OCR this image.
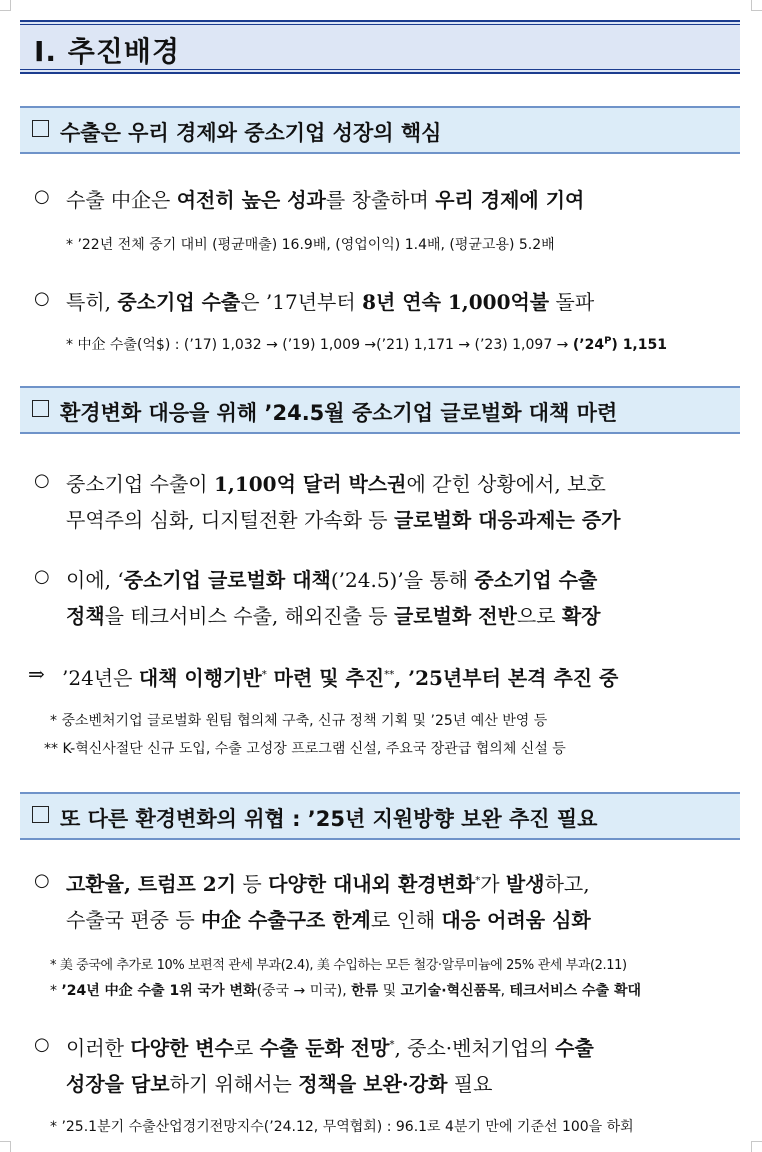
Ⅰ. 추진배경
수출은 우리 경제와 중소기업 성장의 핵심
○ 수출 中企은 여전히 높은 성과를 창출하며 우리 경제에 기여
* ’22년 전체 중기 대비 (평균매출) 16.9배, (영업이익) 1.4배, (평균고용) 5.2배
○ 특히, 중소기업 수출은 ’17년부터 8년 연속 1,000억불 돌파
* 中企 수출(억$) : (’17) 1,032 → (’19) 1,009 →(’21) 1,171 → (’23) $1,097 \to (’24^P)$ 1,151
환경변화 대응을 위해 ’24.5월 중소기업 글로벌화 대책 마련
○ 중소기업 수출이 1,100억 달러 박스권에 갇힌 상황에서, 보호
무역주의 심화, 디지털전환 가속화 등 글로벌화 대응과제는 증가
○ 이에, ‘중소기업 글로벌화 대책(’24.5)’을 통해 중소기업 수출
정책을 테크서비스 수출, 해외진출 등 글로벌화 전반으로 확장
⇒ ’24년은 대책 이행기반* 마련 및 추진**, ’25년부터 본격 추진 중
* 중소벤처기업 글로벌화 원팀 협의체 구축, 신규 정책 기획 및 ’25년 예산 반영 등
** K-혁신사절단 신규 도입, 수출 고성장 프로그램 신설, 주요국 장관급 협의체 신설 등
또 다른 환경변화의 위협 : ’25년 지원방향 보완 추진 필요
○ 고환율, 트럼프 2기 등 다양한 대내외 환경변화*가 발생하고,
수출국 편중 등 中企 수출구조 한계로 인해 대응 어려움 심화
* 美 중국에 추가로 10% 보편적 관세 부과(2.4), 美 수입하는 모든 철강·알루미늄에 25% 관세 부과(2.11)
* ’24년 中企 수출 1위 국가 변화(중국 → 미국), 한류 및 고기술·혁신품목, 테크서비스 수출 확대
○ 이러한 다양한 변수로 수출 둔화 전망*, 중소·벤처기업의 수출
성장을 담보하기 위해서는 정책을 보완·강화 필요
* ’25.1분기 수출산업경기전망지수(’24.12, 무역협회) : 96.1로 4분기 만에 기준선 100을 하회
